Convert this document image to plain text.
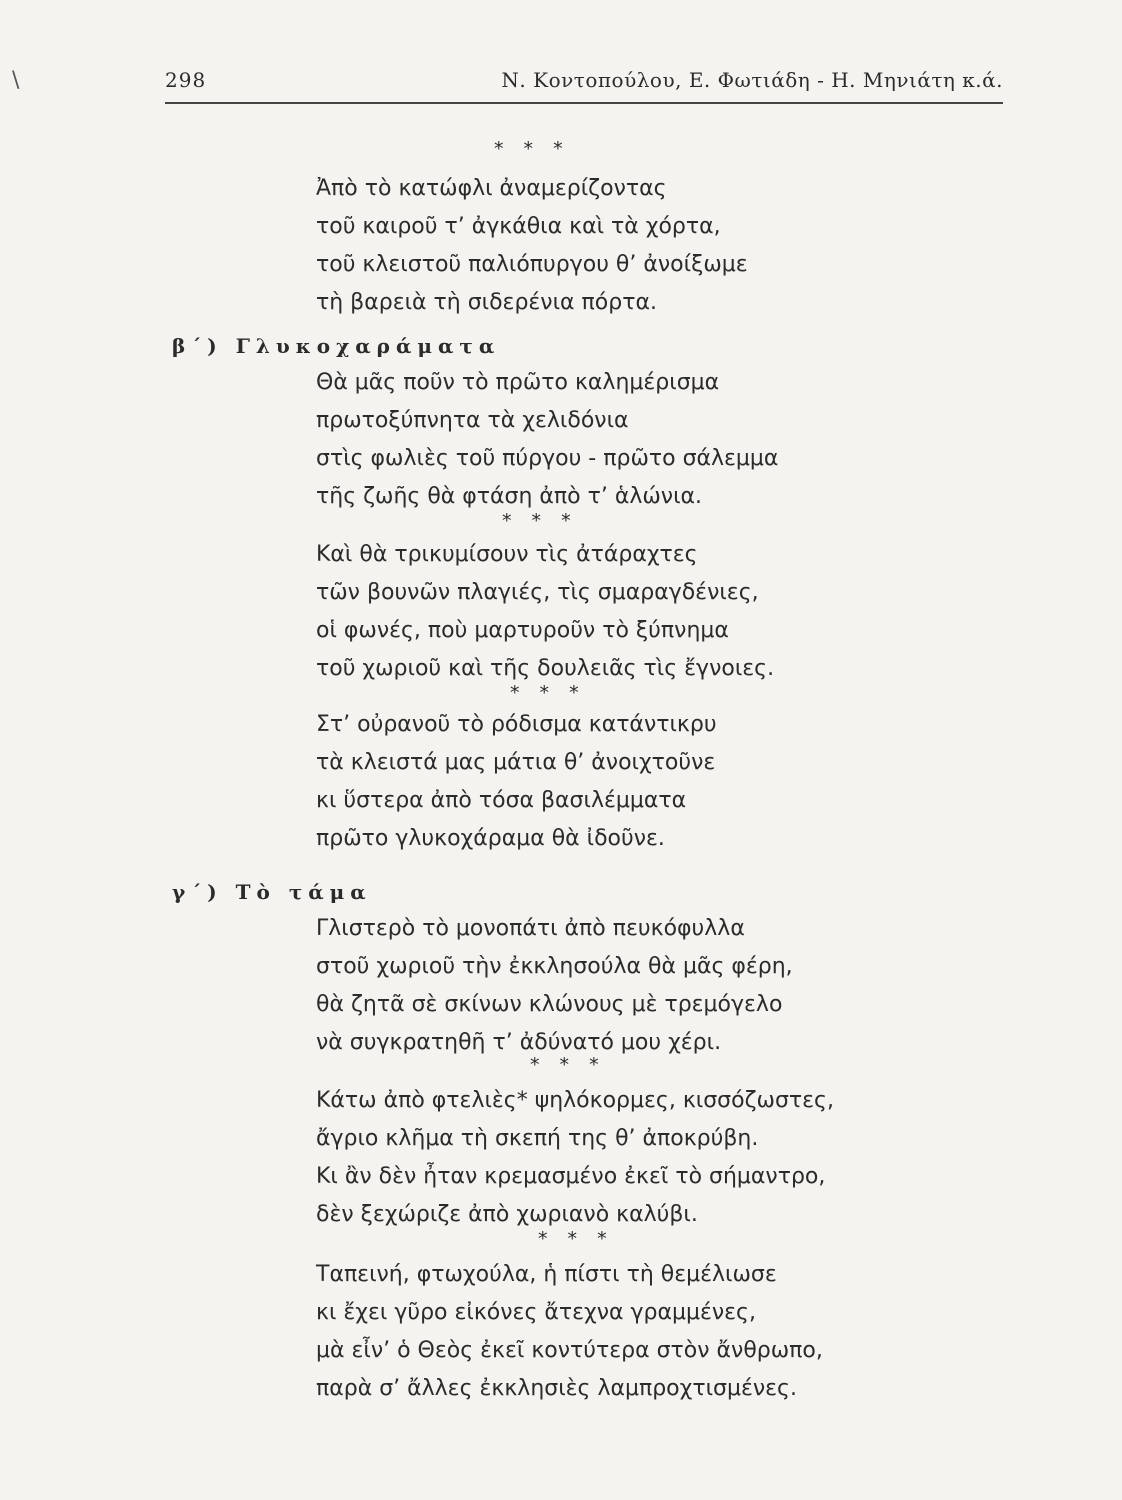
\	298	Ν. Κοντοπούλου, Ε. Φωτιάδη - Η. Μηνιάτη κ.ά.
* * *

Ἀπὸ τὸ κατώφλι ἀναμερίζοντας
τοῦ καιροῦ τ’ ἀγκάθια καὶ τὰ χόρτα,
τοῦ κλειστοῦ παλιόπυργου θ’ ἀνοίξωμε
τὴ βαρειὰ τὴ σιδερένια πόρτα.

β΄) Γλυκοχαράματα

Θὰ μᾶς ποῦν τὸ πρῶτο καλημέρισμα
πρωτοξύπνητα τὰ χελιδόνια
στὶς φωλιὲς τοῦ πύργου - πρῶτο σάλεμμα
τῆς ζωῆς θὰ φτάση ἀπὸ τ’ ἁλώνια.

* * *

Καὶ θὰ τρικυμίσουν τὶς ἀτάραχτες
τῶν βουνῶν πλαγιές, τὶς σμαραγδένιες,
οἱ φωνές, ποὺ μαρτυροῦν τὸ ξύπνημα
τοῦ χωριοῦ καὶ τῆς δουλειᾶς τὶς ἔγνοιες.

* * *

Στ’ οὐρανοῦ τὸ ρόδισμα κατάντικρυ
τὰ κλειστά μας μάτια θ’ ἀνοιχτοῦνε
κι ὕστερα ἀπὸ τόσα βασιλέμματα
πρῶτο γλυκοχάραμα θὰ ἰδοῦνε.

γ΄) Τὸ τάμα

Γλιστερὸ τὸ μονοπάτι ἀπὸ πευκόφυλλα
στοῦ χωριοῦ τὴν ἐκκλησούλα θὰ μᾶς φέρη,
θὰ ζητᾶ σὲ σκίνων κλώνους μὲ τρεμόγελο
νὰ συγκρατηθῆ τ’ ἀδύνατό μου χέρι.

* * *

Κάτω ἀπὸ φτελιὲς* ψηλόκορμες, κισσόζωστες,
ἄγριο κλῆμα τὴ σκεπή της θ’ ἀποκρύβη.
Κι ἂν δὲν ἦταν κρεμασμένο ἐκεῖ τὸ σήμαντρο,
δὲν ξεχώριζε ἀπὸ χωριανὸ καλύβι.

* * *

Ταπεινή, φτωχούλα, ἡ πίστι τὴ θεμέλιωσε
κι ἔχει γῦρο εἰκόνες ἄτεχνα γραμμένες,
μὰ εἶν’ ὁ Θεὸς ἐκεῖ κοντύτερα στὸν ἄνθρωπο,
παρὰ σ’ ἄλλες ἐκκλησιὲς λαμπροχτισμένες.
